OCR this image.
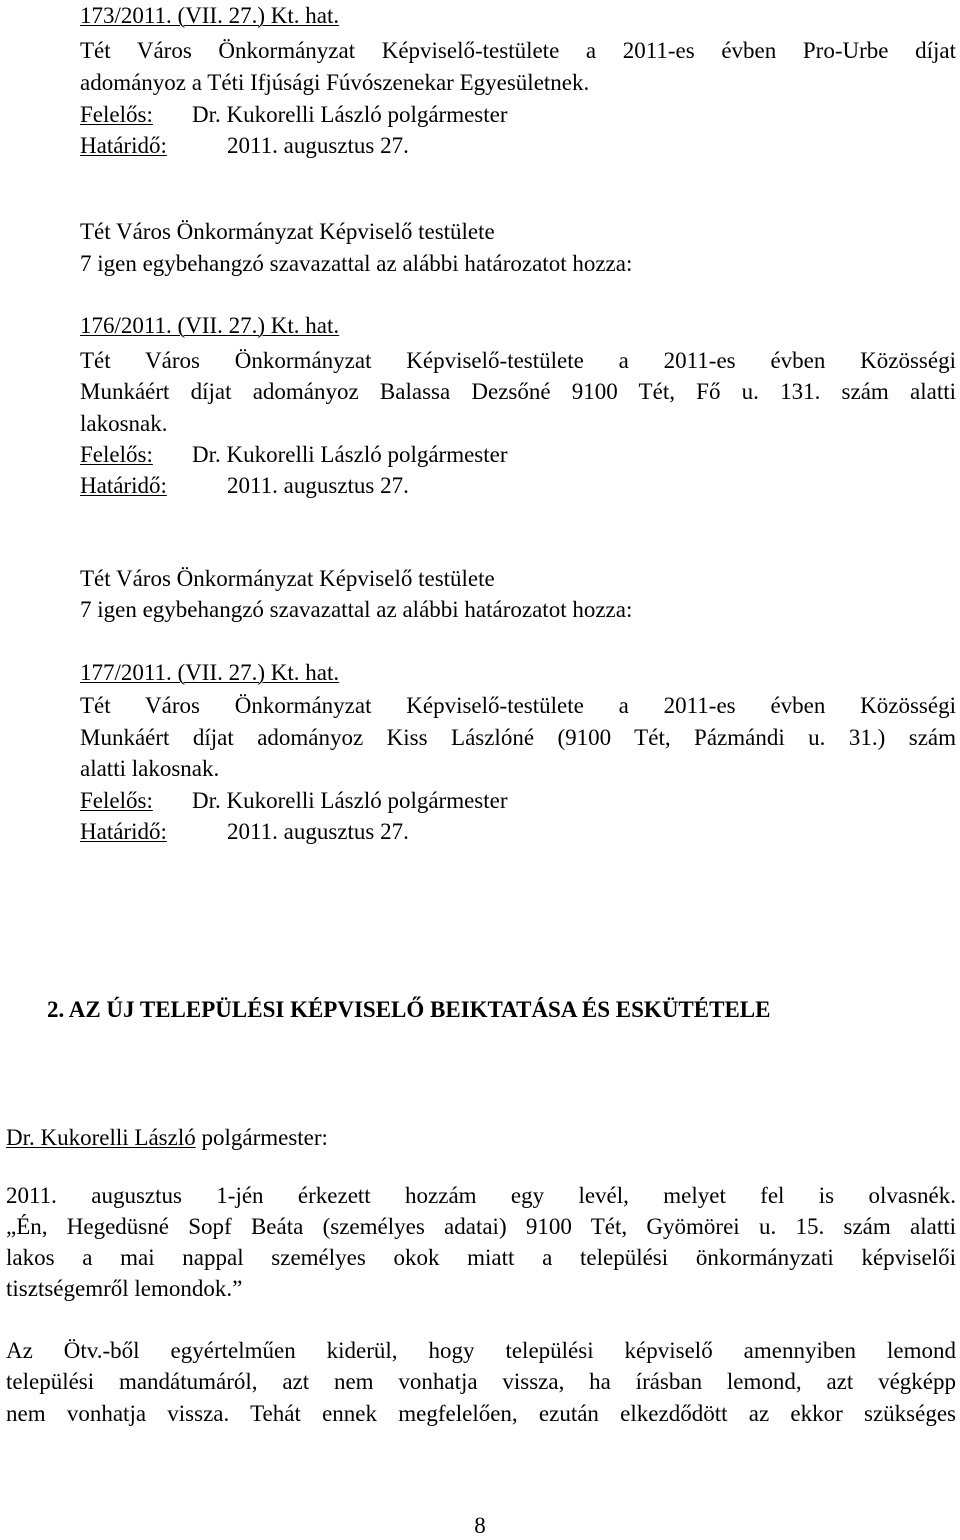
173/2011. (VII. 27.) Kt. hat.
Tét Város Önkormányzat Képviselő-testülete a 2011-es évben Pro-Urbe díjat
adományoz a Téti Ifjúsági Fúvószenekar Egyesületnek.
Felelős: Dr. Kukorelli László polgármester
Határidő:	2011. augusztus 27.
Tét Város Önkormányzat Képviselő testülete
7 igen egybehangzó szavazattal az alábbi határozatot hozza:
176/2011. (VII. 27.) Kt. hat.
Tét Város Önkormányzat Képviselő-testülete a 2011-es évben Közösségi
Munkáért díjat adományoz Balassa Dezsőné 9100 Tét, Fő u. 131. szám alatti
lakosnak.
Felelős: Dr. Kukorelli László polgármester
Határidő:	2011. augusztus 27.
Tét Város Önkormányzat Képviselő testülete
7 igen egybehangzó szavazattal az alábbi határozatot hozza:
177/2011. (VII. 27.) Kt. hat.
Tét Város Önkormányzat Képviselő-testülete a 2011-es évben Közösségi
Munkáért díjat adományoz Kiss Lászlóné (9100 Tét, Pázmándi u. 31.) szám
alatti lakosnak.
Felelős: Dr. Kukorelli László polgármester
Határidő:	2011. augusztus 27.
2. AZ ÚJ TELEPÜLÉSI KÉPVISELŐ BEIKTATÁSA ÉS ESKÜTÉTELE
Dr. Kukorelli László polgármester:
2011. augusztus 1-jén érkezett hozzám egy levél, melyet fel is olvasnék.
„Én, Hegedüsné Sopf Beáta (személyes adatai) 9100 Tét, Gyömörei u. 15. szám alatti
lakos a mai nappal személyes okok miatt a települési önkormányzati képviselői
tisztségemről lemondok.”
Az Ötv.-ből egyértelműen kiderül, hogy települési képviselő amennyiben lemond
települési mandátumáról, azt nem vonhatja vissza, ha írásban lemond, azt végképp
nem vonhatja vissza. Tehát ennek megfelelően, ezután elkezdődött az ekkor szükséges
8
